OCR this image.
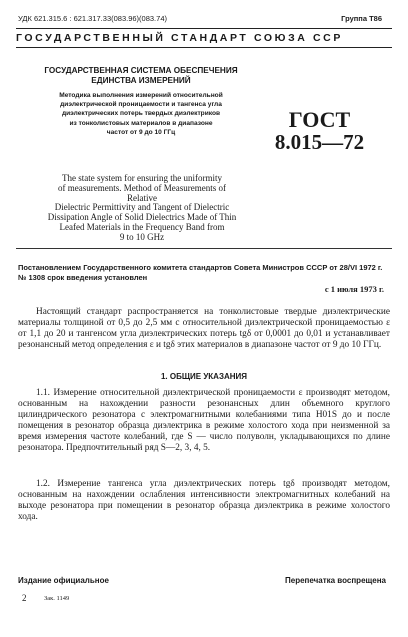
УДК 621.315.6 : 621.317.33(083.96)(083.74)	Группа Т86
ГОСУДАРСТВЕННЫЙ СТАНДАРТ СОЮЗА ССР
ГОСУДАРСТВЕННАЯ СИСТЕМА ОБЕСПЕЧЕНИЯ
ЕДИНСТВА ИЗМЕРЕНИЙ
Методика выполнения измерений относительной
диэлектрической проницаемости и тангенса угла
диэлектрических потерь твердых диэлектриков
из тонколистовых материалов в диапазоне
частот от 9 до 10 ГГц
ГОСТ
8.015—72
The state system for ensuring the uniformity
of measurements. Method of Measurements of Relative
Dielectric Permittivity and Tangent of Dielectric
Dissipation Angle of Solid Dielectrics Made of Thin
Leafed Materials in the Frequency Band from
9 to 10 GHz
Постановлением Государственного комитета стандартов Совета Министров СССР от 28/VI 1972 г. № 1308 срок введения установлен
с 1 июля 1973 г.
Настоящий стандарт распространяется на тонколистовые твердые диэлектрические материалы толщиной от 0,5 до 2,5 мм с относительной диэлектрической проницаемостью ε от 1,1 до 20 и тангенсом угла диэлектрических потерь tgδ от 0,0001 до 0,01 и устанавливает резонансный метод определения ε и tgδ этих материалов в диапазоне частот от 9 до 10 ГГц.
1. ОБЩИЕ УКАЗАНИЯ
1.1. Измерение относительной диэлектрической проницаемости ε производят методом, основанным на нахождении разности резонансных длин объемного круглого цилиндрического резонатора с электромагнитными колебаниями типа H01S до и после помещения в резонатор образца диэлектрика в режиме холостого хода при неизменной за время измерения частоте колебаний, где S — число полуволн, укладывающихся по длине резонатора. Предпочтительный ряд S—2, 3, 4, 5.
1.2. Измерение тангенса угла диэлектрических потерь tgδ производят методом, основанным на нахождении ослабления интенсивности электромагнитных колебаний на выходе резонатора при помещении в резонатор образца диэлектрика в режиме холостого хода.
Издание официальное	Перепечатка воспрещена
2	Зак. 1149
